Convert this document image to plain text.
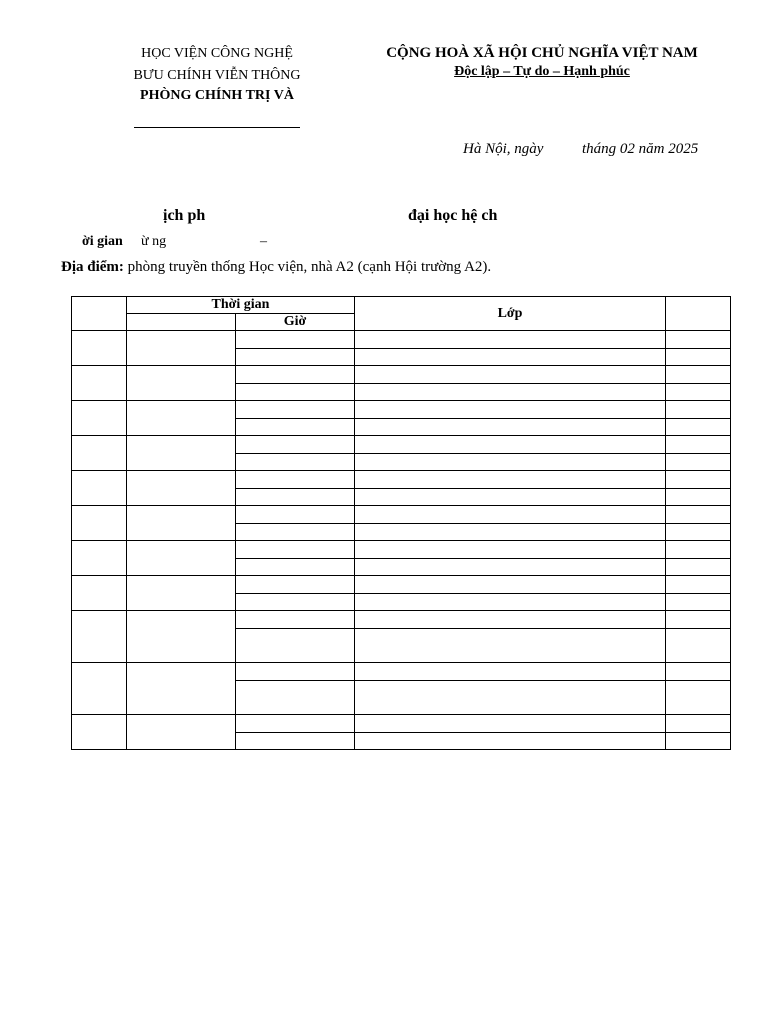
HỌC VIỆN CÔNG NGHỆ
BƯU CHÍNH VIỄN THÔNG
PHÒNG CHÍNH TRỊ VÀ
CỘNG HOÀ XÃ HỘI CHỦ NGHĨA VIỆT NAM
Độc lập – Tự do – Hạnh phúc
Hà Nội, ngày	tháng 02 năm 2025
ịch ph	đại học hệ ch
ời gian ừ ng	–
Địa điểm: phòng truyền thống Học viện, nhà A2 (cạnh Hội trường A2).
	Thời gian		Lớp	
		Giờ		
